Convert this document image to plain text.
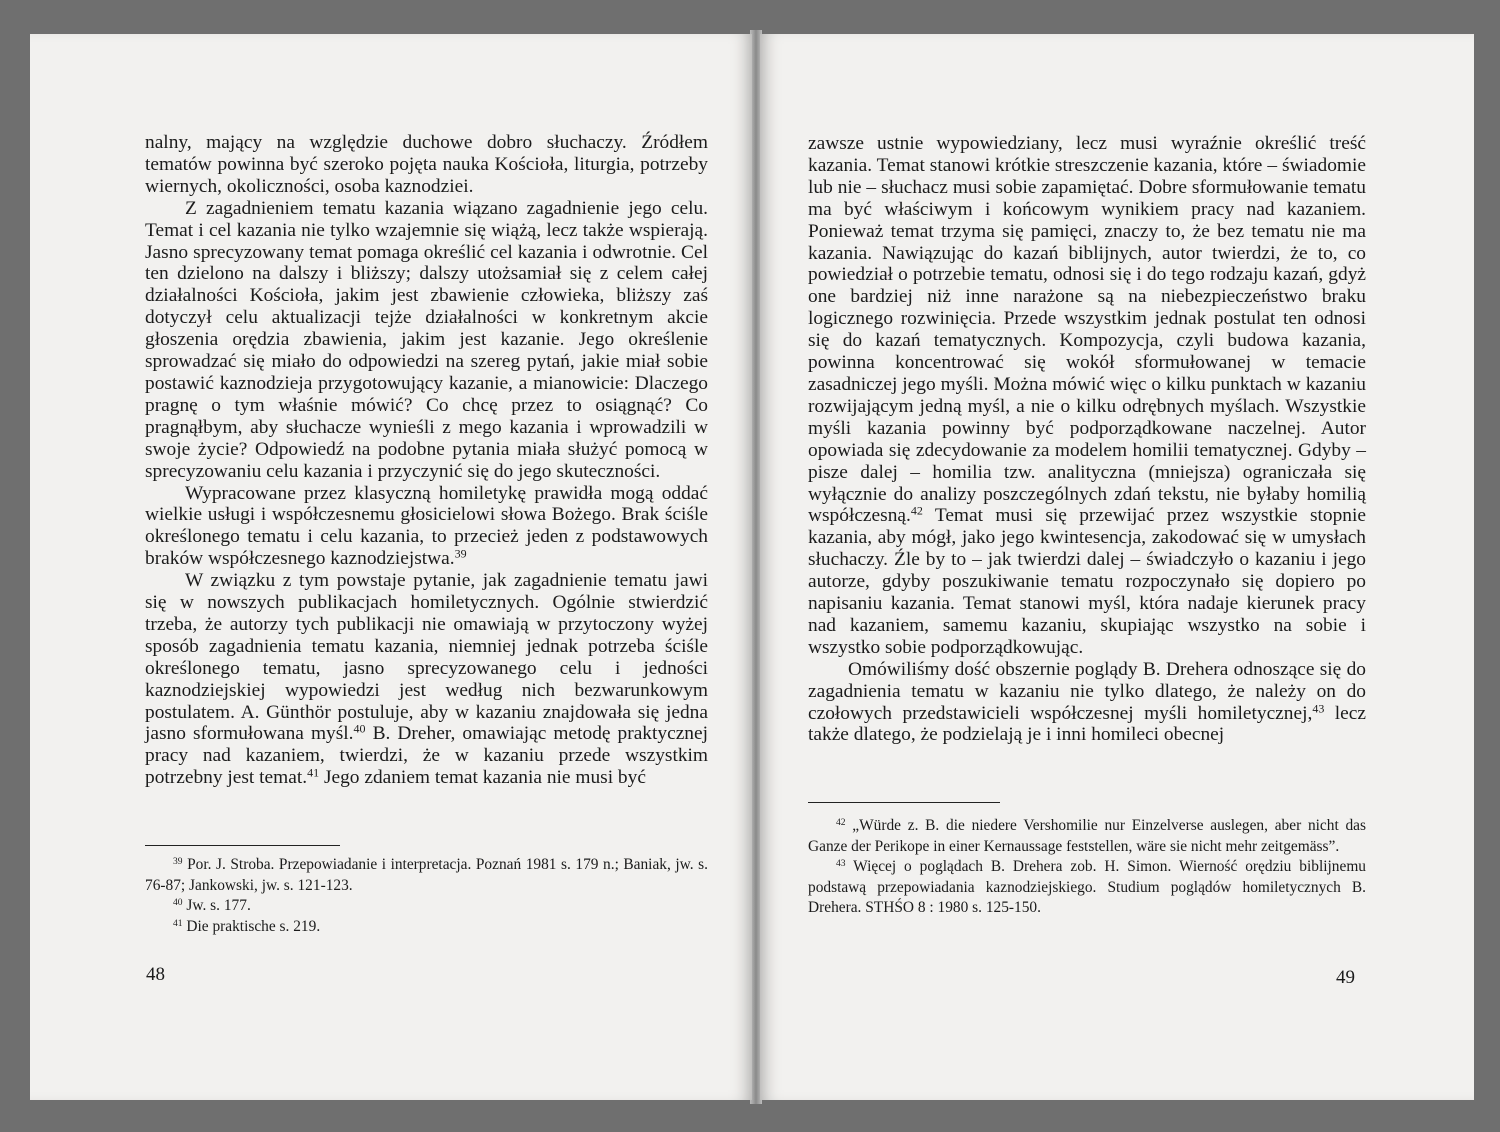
nalny, mający na względzie duchowe dobro słuchaczy. Źródłem tematów powinna być szeroko pojęta nauka Kościoła, liturgia, potrzeby wiernych, okoliczności, osoba kaznodziei.

Z zagadnieniem tematu kazania wiązano zagadnienie jego celu. Temat i cel kazania nie tylko wzajemnie się wiążą, lecz także wspierają. Jasno sprecyzowany temat pomaga określić cel kazania i odwrotnie. Cel ten dzielono na dalszy i bliższy; dalszy utożsamiał się z celem całej działalności Kościoła, jakim jest zbawienie człowieka, bliższy zaś dotyczył celu aktualizacji tejże działalności w konkretnym akcie głoszenia orędzia zbawienia, jakim jest kazanie. Jego określenie sprowadzać się miało do odpowiedzi na szereg pytań, jakie miał sobie postawić kaznodzieja przygotowujący kazanie, a mianowicie: Dlaczego pragnę o tym właśnie mówić? Co chcę przez to osiągnąć? Co pragnąłbym, aby słuchacze wynieśli z mego kazania i wprowadzili w swoje życie? Odpowiedź na podobne pytania miała służyć pomocą w sprecyzowaniu celu kazania i przyczynić się do jego skuteczności.

Wypracowane przez klasyczną homiletykę prawidła mogą oddać wielkie usługi i współczesnemu głosicielowi słowa Bożego. Brak ściśle określonego tematu i celu kazania, to przecież jeden z podstawowych braków współczesnego kaznodziejstwa.$^{39}$

W związku z tym powstaje pytanie, jak zagadnienie tematu jawi się w nowszych publikacjach homiletycznych. Ogólnie stwierdzić trzeba, że autorzy tych publikacji nie omawiają w przytoczony wyżej sposób zagadnienia tematu kazania, niemniej jednak potrzeba ściśle określonego tematu, jasno sprecyzowanego celu i jedności kaznodziejskiej wypowiedzi jest według nich bezwarunkowym postulatem. A. Günthör postuluje, aby w kazaniu znajdowała się jedna jasno sformułowana myśl.$^{40}$ B. Dreher, omawiając metodę praktycznej pracy nad kazaniem, twierdzi, że w kazaniu przede wszystkim potrzebny jest temat.$^{41}$ Jego zdaniem temat kazania nie musi być

$^{39}$ Por. J. Stroba. Przepowiadanie i interpretacja. Poznań 1981 s. 179 n.; Baniak, jw. s. 76-87; Jankowski, jw. s. 121-123.

$^{40}$ Jw. s. 177.

$^{41}$ Die praktische s. 219.

48

zawsze ustnie wypowiedziany, lecz musi wyraźnie określić treść kazania. Temat stanowi krótkie streszczenie kazania, które – świadomie lub nie – słuchacz musi sobie zapamiętać. Dobre sformułowanie tematu ma być właściwym i końcowym wynikiem pracy nad kazaniem. Ponieważ temat trzyma się pamięci, znaczy to, że bez tematu nie ma kazania. Nawiązując do kazań biblijnych, autor twierdzi, że to, co powiedział o potrzebie tematu, odnosi się i do tego rodzaju kazań, gdyż one bardziej niż inne narażone są na niebezpieczeństwo braku logicznego rozwinięcia. Przede wszystkim jednak postulat ten odnosi się do kazań tematycznych. Kompozycja, czyli budowa kazania, powinna koncentrować się wokół sformułowanej w temacie zasadniczej jego myśli. Można mówić więc o kilku punktach w kazaniu rozwijającym jedną myśl, a nie o kilku odrębnych myślach. Wszystkie myśli kazania powinny być podporządkowane naczelnej. Autor opowiada się zdecydowanie za modelem homilii tematycznej. Gdyby – pisze dalej – homilia tzw. analityczna (mniejsza) ograniczała się wyłącznie do analizy poszczególnych zdań tekstu, nie byłaby homilią współczesną.$^{42}$ Temat musi się przewijać przez wszystkie stopnie kazania, aby mógł, jako jego kwintesencja, zakodować się w umysłach słuchaczy. Źle by to – jak twierdzi dalej – świadczyło o kazaniu i jego autorze, gdyby poszukiwanie tematu rozpoczynało się dopiero po napisaniu kazania. Temat stanowi myśl, która nadaje kierunek pracy nad kazaniem, samemu kazaniu, skupiając wszystko na sobie i wszystko sobie podporządkowując.

Omówiliśmy dość obszernie poglądy B. Drehera odnoszące się do zagadnienia tematu w kazaniu nie tylko dlatego, że należy on do czołowych przedstawicieli współczesnej myśli homiletycznej,$^{43}$ lecz także dlatego, że podzielają je i inni homileci obecnej

$^{42}$ „Würde z. B. die niedere Vershomilie nur Einzelverse auslegen, aber nicht das Ganze der Perikope in einer Kernaussage feststellen, wäre sie nicht mehr zeitgemäss”.

$^{43}$ Więcej o poglądach B. Drehera zob. H. Simon. Wierność orędziu biblijnemu podstawą przepowiadania kaznodziejskiego. Studium poglądów homiletycznych B. Drehera. STHŚO 8 : 1980 s. 125-150.

49
